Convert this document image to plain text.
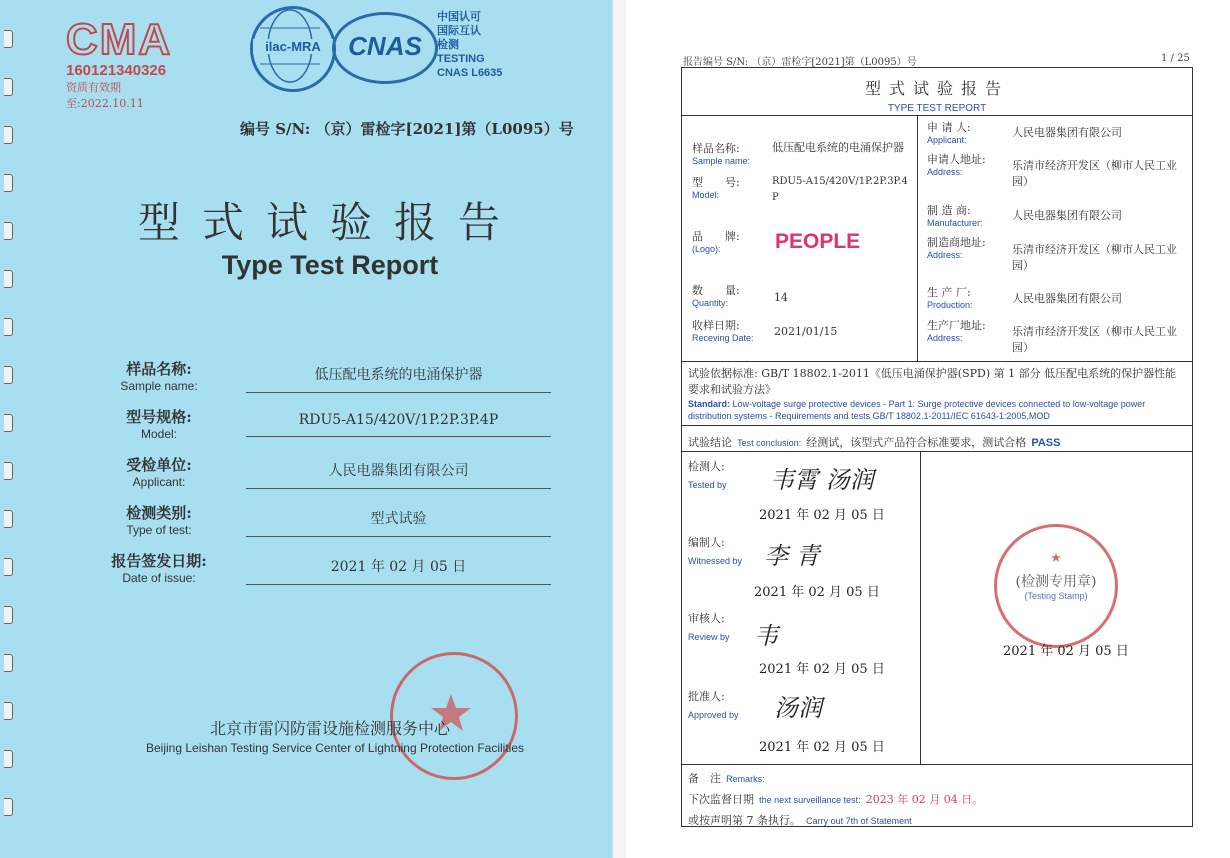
CMA
160121340326
资质有效期至:2022.10.11
ilac-MRA	CNAS
中国认可
国际互认
检测
TESTING
CNAS L6635
编号 S/N: （京）雷检字[2021]第（L0095）号
型式试验报告
Type Test Report
样品名称:
Sample name:
低压配电系统的电涌保护器
型号规格:
Model:
RDU5-A15/420V/1P.2P.3P.4P
受检单位:
Applicant:
人民电器集团有限公司
检测类别:
Type of test:
型式试验
报告签发日期:
Date of issue:
2021 年 02 月 05 日
北京市雷闪防雷设施检测服务中心
Beijing Leishan Testing Service Center of Lightning Protection Facilities
报告编号 S/N: （京）雷检字[2021]第（L0095）号	1 / 25
型式试验报告
TYPE TEST REPORT
样品名称:
Sample name:
低压配电系统的电涌保护器
型　　号:
Model:
RDU5-A15/420V/1P.2P.3P.4P
品　　牌:
(Logo):	PEOPLE
数　　量:
Quantity:	14
收样日期:
Receving Date:	2021/01/15
申 请 人:
Applicant:
人民电器集团有限公司
申请人地址:
Address:	乐清市经济开发区（柳市人民工业园）
制 造 商:
Manufacturer:
人民电器集团有限公司
制造商地址:
Address:	乐清市经济开发区（柳市人民工业园）
生 产 厂:
Production:	人民电器集团有限公司
生产厂地址:
Address:	乐清市经济开发区（柳市人民工业园）
试验依据标准: GB/T 18802.1-2011《低压电涌保护器(SPD) 第 1 部分 低压配电系统的保护器性能要求和试验方法》
Standard: Low-voltage surge protective devices - Part 1: Surge protective devices connected to low-voltage power distribution systems - Requirements and tests GB/T 18802.1-2011/IEC 61643-1:2005,MOD
试验结论 Test conclusion: 经测试，该型式产品符合标准要求，测试合格 PASS
检测人:
Tested by 韦霄 汤润
2021 年 02 月 05 日
编制人:
Witnessed by 李 青
2021 年 02 月 05 日
审核人:
Review by 韦
2021 年 02 月 05 日
批准人:
Approved by 汤润
2021 年 02 月 05 日
★
(检测专用章)
(Testing Stamp)
2021 年 02 月 05 日
备　注 Remarks:
下次监督日期 the next surveillance test: 2023 年 02 月 04 日。
或按声明第 7 条执行。 Carry out 7th of Statement
